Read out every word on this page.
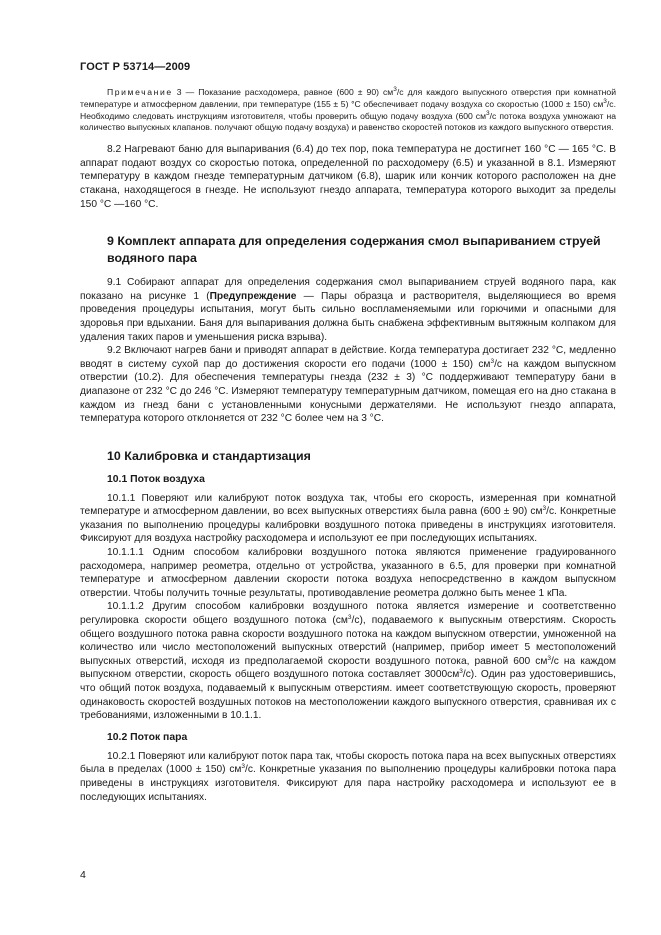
ГОСТ Р 53714—2009

Примечание 3 — Показание расходомера, равное (600 ± 90) $см^3/с$ для каждого выпускного отверстия при комнатной температуре и атмосферном давлении, при температуре (155 ± 5) °С обеспечивает подачу воздуха со скоростью (1000 ± 150) $см^3/с$. Необходимо следовать инструкциям изготовителя, чтобы проверить общую подачу воздуха (600 $см^3/с$ потока воздуха умножают на количество выпускных клапанов. получают общую подачу воздуха) и равенство скоростей потоков из каждого выпускного отверстия.

8.2 Нагревают баню для выпаривания (6.4) до тех пор, пока температура не достигнет 160 °С — 165 °С. В аппарат подают воздух со скоростью потока, определенной по расходомеру (6.5) и указанной в 8.1. Измеряют температуру в каждом гнезде температурным датчиком (6.8), шарик или кончик которого расположен на дне стакана, находящегося в гнезде. Не используют гнездо аппарата, температура которого выходит за пределы 150 °С —160 °С.

9 Комплект аппарата для определения содержания смол выпариванием струей водяного пара

9.1 Собирают аппарат для определения содержания смол выпариванием струей водяного пара, как показано на рисунке 1 (Предупреждение — Пары образца и растворителя, выделяющиеся во время проведения процедуры испытания, могут быть сильно воспламеняемыми или горючими и опасными для здоровья при вдыхании. Баня для выпаривания должна быть снабжена эффективным вытяжным колпаком для удаления таких паров и уменьшения риска взрыва).

9.2 Включают нагрев бани и приводят аппарат в действие. Когда температура достигает 232 °С, медленно вводят в систему сухой пар до достижения скорости его подачи (1000 ± 150) $см^3/с$ на каждом выпускном отверстии (10.2). Для обеспечения температуры гнезда (232 ± 3) °С поддерживают температуру бани в диапазоне от 232 °С до 246 °С. Измеряют температуру температурным датчиком, помещая его на дно стакана в каждом из гнезд бани с установленными конусными держателями. Не используют гнездо аппарата, температура которого отклоняется от 232 °С более чем на 3 °С.

10 Калибровка и стандартизация

10.1 Поток воздуха

10.1.1 Поверяют или калибруют поток воздуха так, чтобы его скорость, измеренная при комнатной температуре и атмосферном давлении, во всех выпускных отверстиях была равна (600 ± 90) $см^3/с$. Конкретные указания по выполнению процедуры калибровки воздушного потока приведены в инструкциях изготовителя. Фиксируют для воздуха настройку расходомера и используют ее при последующих испытаниях.

10.1.1.1 Одним способом калибровки воздушного потока являются применение градуированного расходомера, например реометра, отдельно от устройства, указанного в 6.5, для проверки при комнатной температуре и атмосферном давлении скорости потока воздуха непосредственно в каждом выпускном отверстии. Чтобы получить точные результаты, противодавление реометра должно быть менее 1 кПа.

10.1.1.2 Другим способом калибровки воздушного потока является измерение и соответственно регулировка скорости общего воздушного потока $(см^3/с)$, подаваемого к выпускным отверстиям. Скорость общего воздушного потока равна скорости воздушного потока на каждом выпускном отверстии, умноженной на количество или число местоположений выпускных отверстий (например, прибор имеет 5 местоположений выпускных отверстий, исходя из предполагаемой скорости воздушного потока, равной 600 $см^3/с$ на каждом выпускном отверстии, скорость общего воздушного потока составляет $3000см^3/с$). Один раз удостоверившись, что общий поток воздуха, подаваемый к выпускным отверстиям. имеет соответствующую скорость, проверяют одинаковость скоростей воздушных потоков на местоположении каждого выпускного отверстия, сравнивая их с требованиями, изложенными в 10.1.1.

10.2 Поток пара

10.2.1 Поверяют или калибруют поток пара так, чтобы скорость потока пара на всех выпускных отверстиях была в пределах (1000 ± 150) $см^3/с$. Конкретные указания по выполнению процедуры калибровки потока пара приведены в инструкциях изготовителя. Фиксируют для пара настройку расходомера и используют ее в последующих испытаниях.

4
